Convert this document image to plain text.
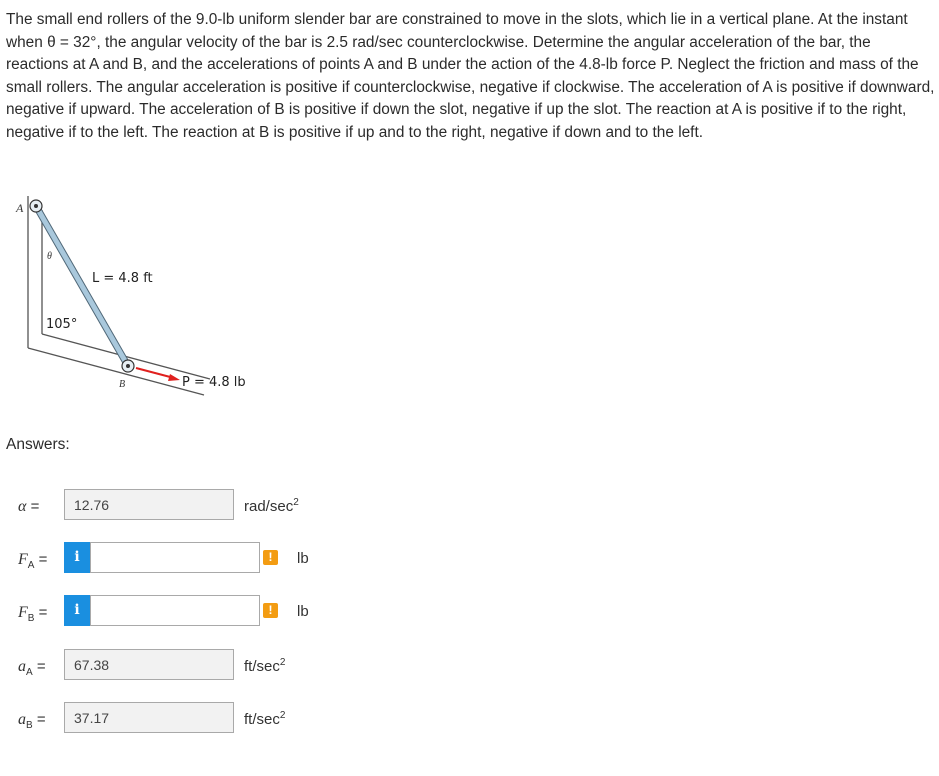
The small end rollers of the 9.0-lb uniform slender bar are constrained to move in the slots, which lie in a vertical plane. At the instant when θ = 32°, the angular velocity of the bar is 2.5 rad/sec counterclockwise. Determine the angular acceleration of the bar, the reactions at A and B, and the accelerations of points A and B under the action of the 4.8-lb force P. Neglect the friction and mass of the small rollers. The angular acceleration is positive if counterclockwise, negative if clockwise. The acceleration of A is positive if downward, negative if upward. The acceleration of B is positive if down the slot, negative if up the slot. The reaction at A is positive if to the right, negative if to the left. The reaction at B is positive if up and to the right, negative if down and to the left.

A
θ
L = 4.8 ft
105°
B	P = 4.8 lb

Answers:

α =	12.76	rad/$\sec^2$
$F_A$ =	i	!	lb
$F_B$ =	i	!	lb
$a_A$ =	67.38	$ft/\sec^2$
$a_B$ =	37.17	$ft/\sec^2$
